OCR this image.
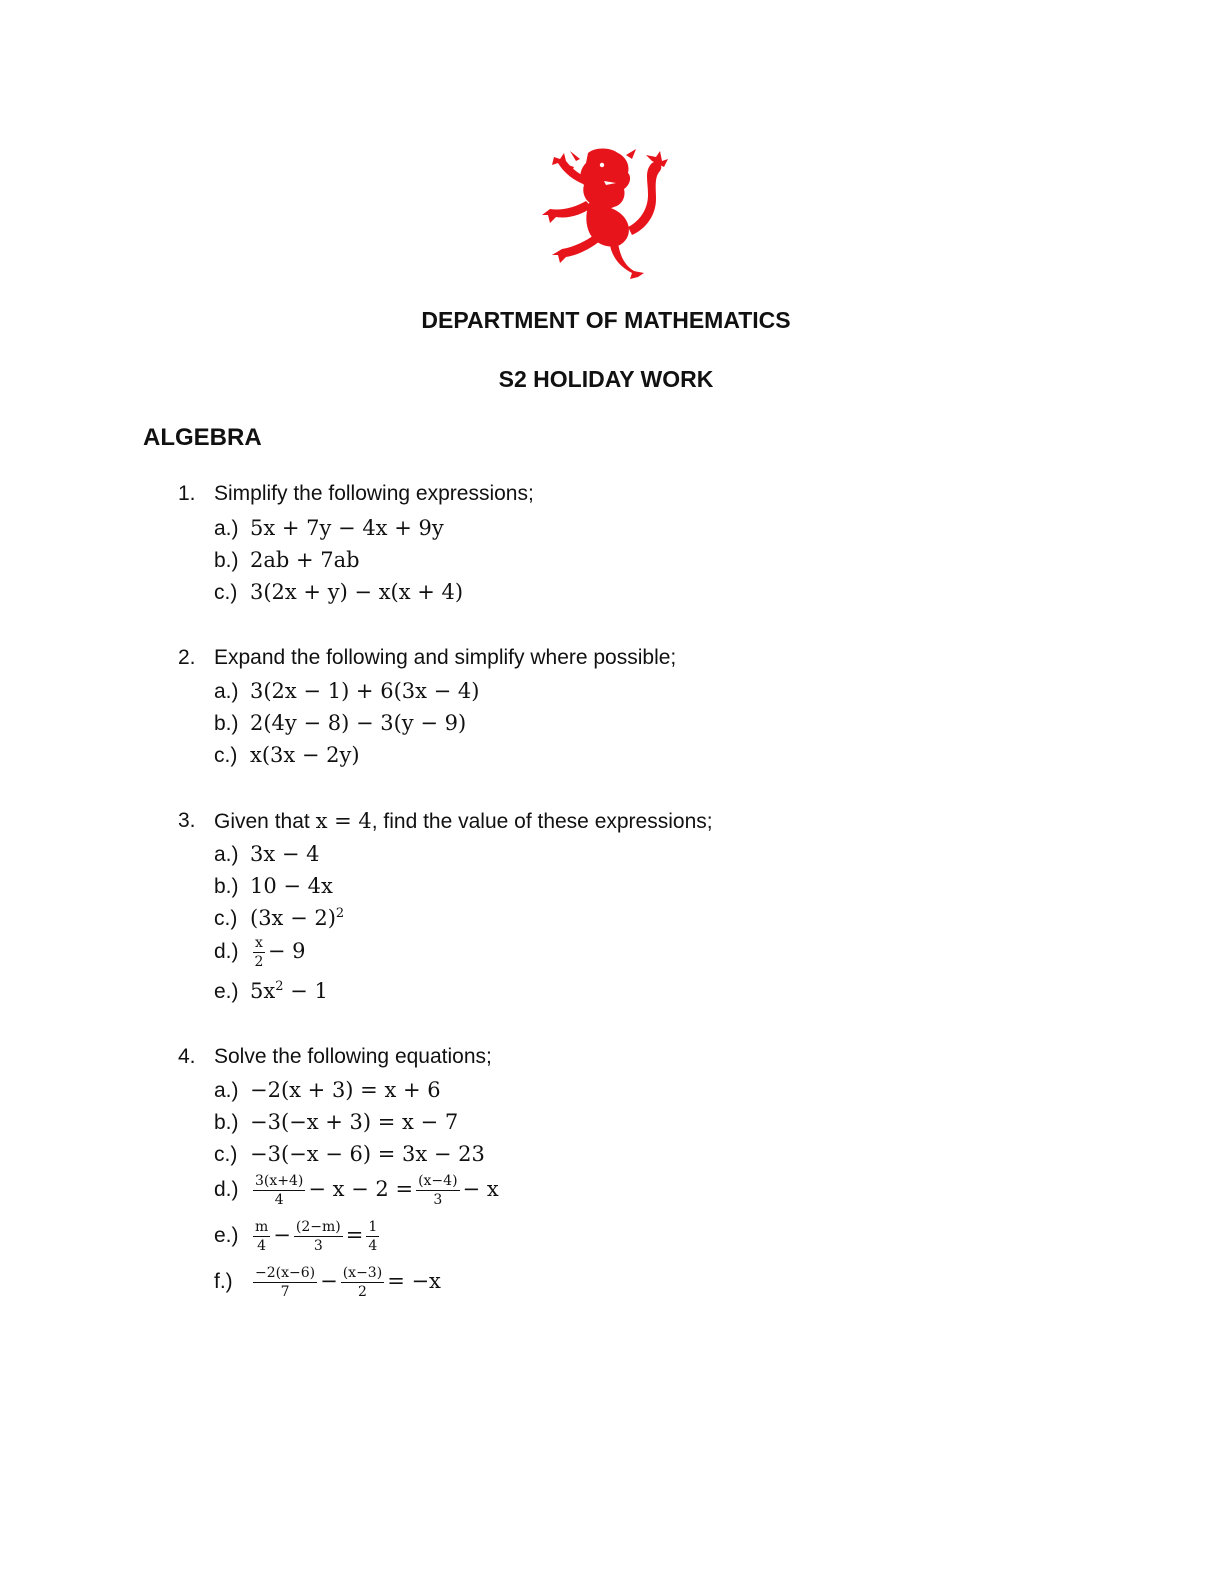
DEPARTMENT OF MATHEMATICS
S2 HOLIDAY WORK
ALGEBRA
1. Simplify the following expressions;
a.) 5x + 7y − 4x + 9y
b.) 2ab + 7ab
c.) 3(2x + y) − x(x + 4)
2. Expand the following and simplify where possible;
a.) 3(2x − 1) + 6(3x − 4)
b.) 2(4y − 8) − 3(y − 9)
c.) x(3x − 2y)
3. Given that x = 4, find the value of these expressions;
a.) 3x − 4
b.) 10 − 4x
c.) $(3x - 2)^2$
$d.) \frac{x}{2} - 9$
e.) $5x^2 - 1$
4. Solve the following equations;
a.) −2(x + 3) = x + 6
b.) −3(−x + 3) = x − 7
c.) −3(−x − 6) = 3x − 23
$d.) \frac{3(x+4)}{4} - x - 2 = \frac{(x-4)}{3} - x$
$e.) \frac{m}{4} - \frac{(2-m)}{3} = \frac{1}{4}$
$f.) \frac{-2(x-6)}{7} - \frac{(x-3)}{2} = -x$
